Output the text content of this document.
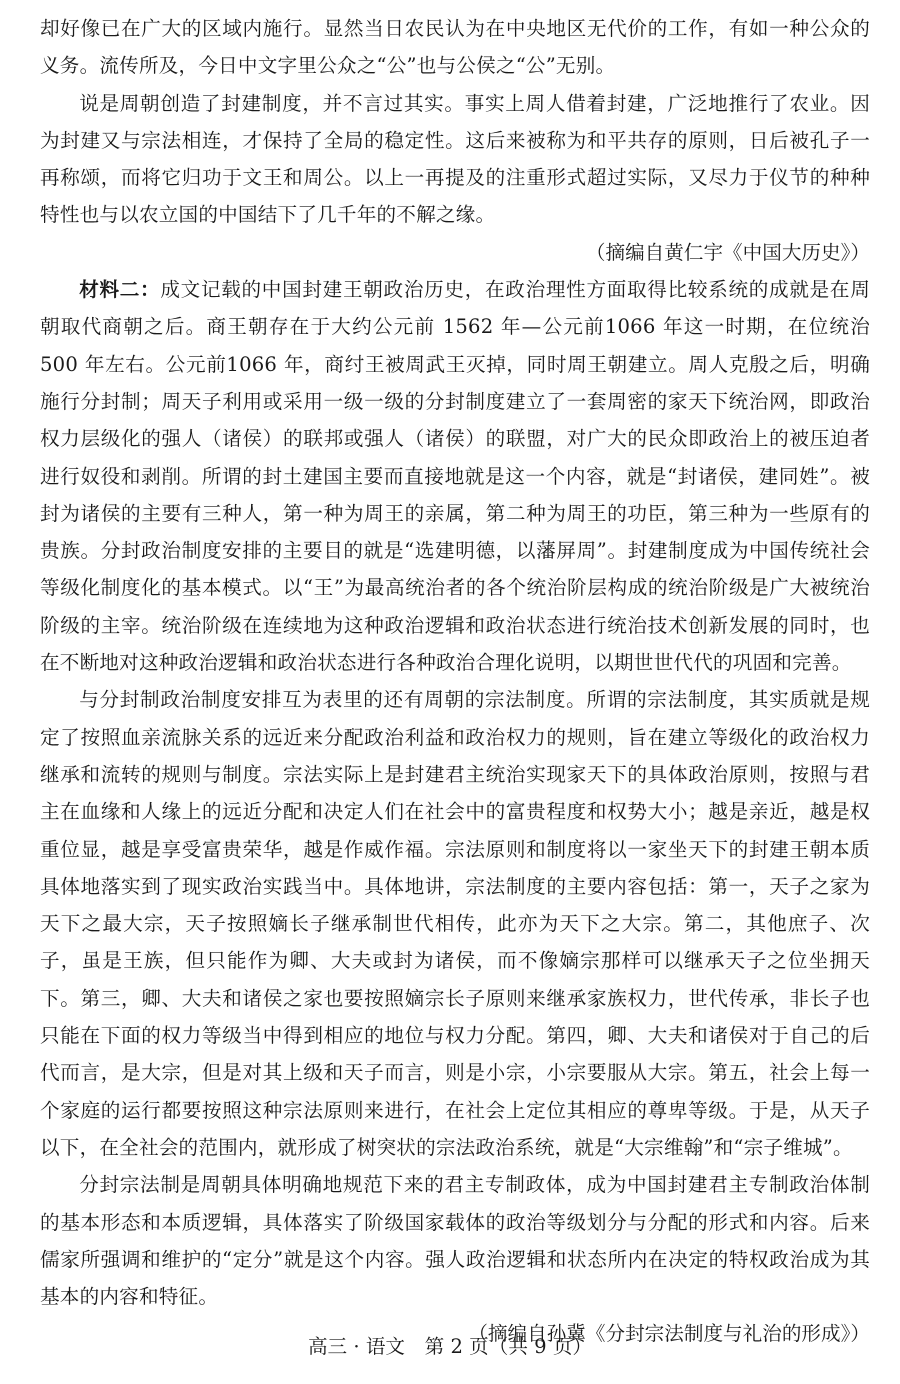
却好像已在广大的区域内施行。显然当日农民认为在中央地区无代价的工作，有如一种公众的义务。流传所及，今日中文字里公众之“公”也与公侯之“公”无别。

说是周朝创造了封建制度，并不言过其实。事实上周人借着封建，广泛地推行了农业。因为封建又与宗法相连，才保持了全局的稳定性。这后来被称为和平共存的原则，日后被孔子一再称颂，而将它归功于文王和周公。以上一再提及的注重形式超过实际，又尽力于仪节的种种特性也与以农立国的中国结下了几千年的不解之缘。

（摘编自黄仁宇《中国大历史》）

材料二：成文记载的中国封建王朝政治历史，在政治理性方面取得比较系统的成就是在周朝取代商朝之后。商王朝存在于大约公元前 1562 年—公元前1066 年这一时期，在位统治500 年左右。公元前1066 年，商纣王被周武王灭掉，同时周王朝建立。周人克殷之后，明确施行分封制；周天子利用或采用一级一级的分封制度建立了一套周密的家天下统治网，即政治权力层级化的强人（诸侯）的联邦或强人（诸侯）的联盟，对广大的民众即政治上的被压迫者进行奴役和剥削。所谓的封土建国主要而直接地就是这一个内容，就是“封诸侯，建同姓”。被封为诸侯的主要有三种人，第一种为周王的亲属，第二种为周王的功臣，第三种为一些原有的贵族。分封政治制度安排的主要目的就是“选建明德，以藩屏周”。封建制度成为中国传统社会等级化制度化的基本模式。以“王”为最高统治者的各个统治阶层构成的统治阶级是广大被统治阶级的主宰。统治阶级在连续地为这种政治逻辑和政治状态进行统治技术创新发展的同时，也在不断地对这种政治逻辑和政治状态进行各种政治合理化说明，以期世世代代的巩固和完善。

与分封制政治制度安排互为表里的还有周朝的宗法制度。所谓的宗法制度，其实质就是规定了按照血亲流脉关系的远近来分配政治利益和政治权力的规则，旨在建立等级化的政治权力继承和流转的规则与制度。宗法实际上是封建君主统治实现家天下的具体政治原则，按照与君主在血缘和人缘上的远近分配和决定人们在社会中的富贵程度和权势大小；越是亲近，越是权重位显，越是享受富贵荣华，越是作威作福。宗法原则和制度将以一家坐天下的封建王朝本质具体地落实到了现实政治实践当中。具体地讲，宗法制度的主要内容包括：第一，天子之家为天下之最大宗，天子按照嫡长子继承制世代相传，此亦为天下之大宗。第二，其他庶子、次子，虽是王族，但只能作为卿、大夫或封为诸侯，而不像嫡宗那样可以继承天子之位坐拥天下。第三，卿、大夫和诸侯之家也要按照嫡宗长子原则来继承家族权力，世代传承，非长子也只能在下面的权力等级当中得到相应的地位与权力分配。第四，卿、大夫和诸侯对于自己的后代而言，是大宗，但是对其上级和天子而言，则是小宗，小宗要服从大宗。第五，社会上每一个家庭的运行都要按照这种宗法原则来进行，在社会上定位其相应的尊卑等级。于是，从天子以下，在全社会的范围内，就形成了树突状的宗法政治系统，就是“大宗维翰”和“宗子维城”。

分封宗法制是周朝具体明确地规范下来的君主专制政体，成为中国封建君主专制政治体制的基本形态和本质逻辑，具体落实了阶级国家载体的政治等级划分与分配的形式和内容。后来儒家所强调和维护的“定分”就是这个内容。强人政治逻辑和状态所内在决定的特权政治成为其基本的内容和特征。

（摘编自孙冀《分封宗法制度与礼治的形成》）

高三 · 语文　第 2 页（共 9 页）
